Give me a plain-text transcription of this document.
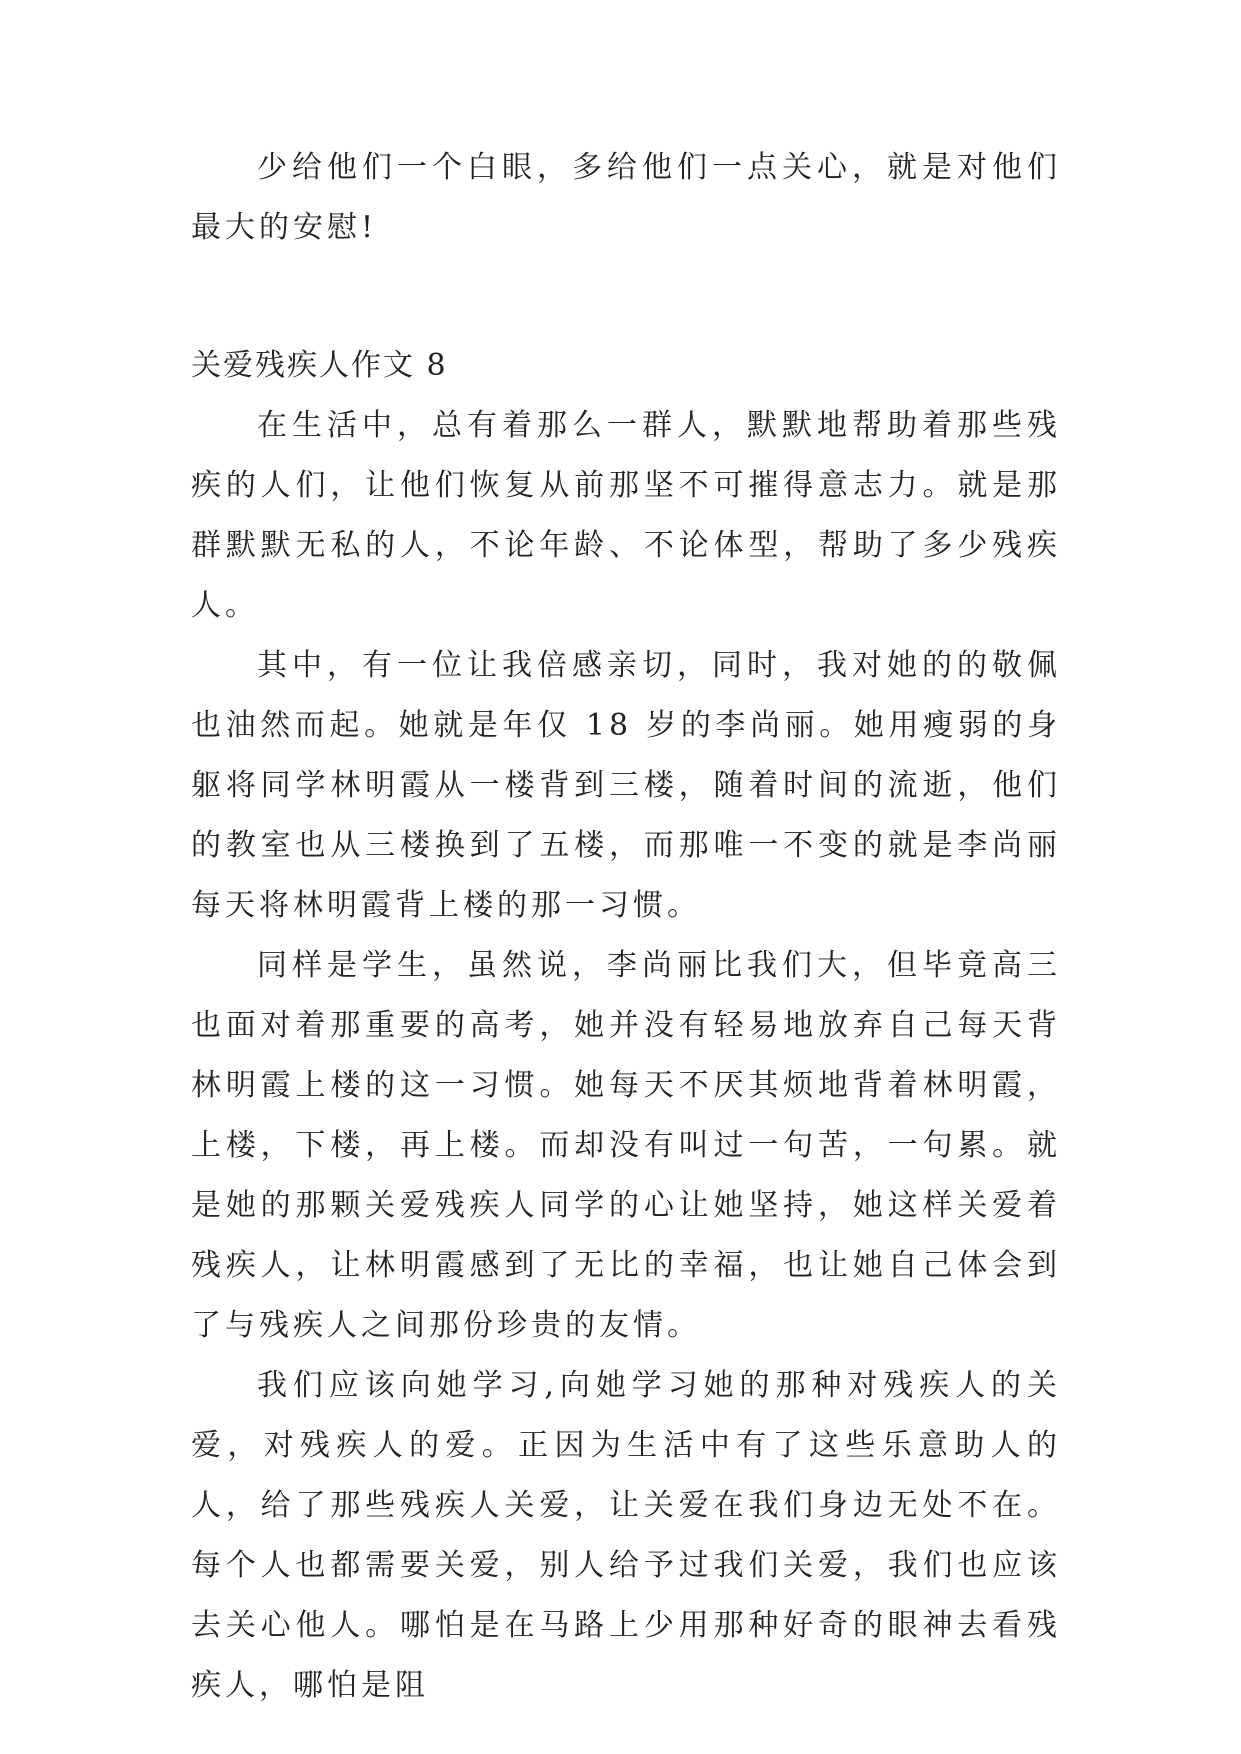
少给他们一个白眼，多给他们一点关心，就是对他们最大的安慰!

关爱残疾人作文 8

在生活中，总有着那么一群人，默默地帮助着那些残疾的人们，让他们恢复从前那坚不可摧得意志力。就是那群默默无私的人，不论年龄、不论体型，帮助了多少残疾人。

其中，有一位让我倍感亲切，同时，我对她的的敬佩也油然而起。她就是年仅 18 岁的李尚丽。她用瘦弱的身躯将同学林明霞从一楼背到三楼，随着时间的流逝，他们的教室也从三楼换到了五楼，而那唯一不变的就是李尚丽每天将林明霞背上楼的那一习惯。

同样是学生，虽然说，李尚丽比我们大，但毕竟高三也面对着那重要的高考，她并没有轻易地放弃自己每天背林明霞上楼的这一习惯。她每天不厌其烦地背着林明霞，上楼，下楼，再上楼。而却没有叫过一句苦，一句累。就是她的那颗关爱残疾人同学的心让她坚持，她这样关爱着残疾人，让林明霞感到了无比的幸福，也让她自己体会到了与残疾人之间那份珍贵的友情。

我们应该向她学习,向她学习她的那种对残疾人的关爱，对残疾人的爱。正因为生活中有了这些乐意助人的人，给了那些残疾人关爱，让关爱在我们身边无处不在。每个人也都需要关爱，别人给予过我们关爱，我们也应该去关心他人。哪怕是在马路上少用那种好奇的眼神去看残疾人，哪怕是阻
